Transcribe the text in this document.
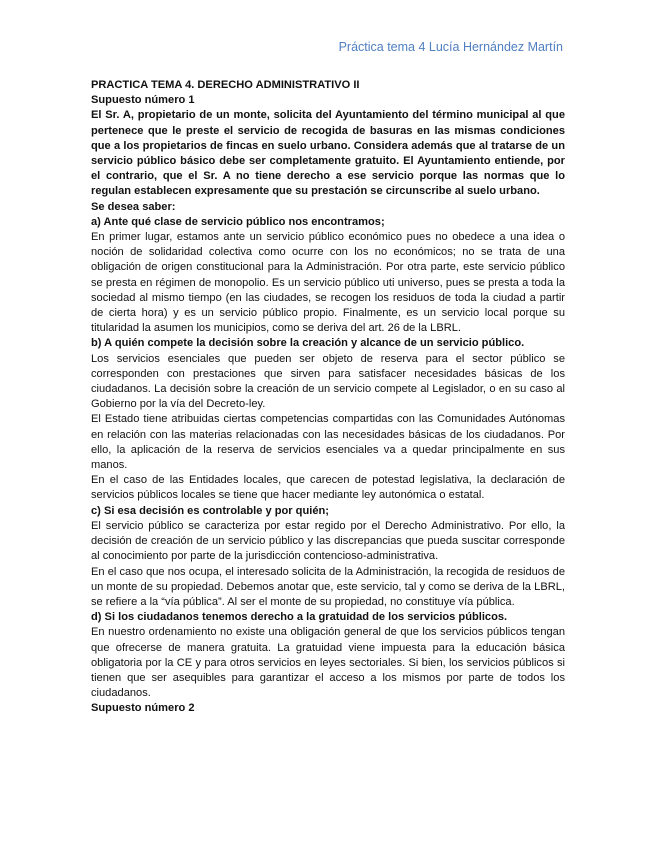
Práctica tema 4 Lucía Hernández Martín

PRACTICA TEMA 4. DERECHO ADMINISTRATIVO II

Supuesto número 1

El Sr. A, propietario de un monte, solicita del Ayuntamiento del término municipal al que pertenece que le preste el servicio de recogida de basuras en las mismas condiciones que a los propietarios de fincas en suelo urbano. Considera además que al tratarse de un servicio público básico debe ser completamente gratuito. El Ayuntamiento entiende, por el contrario, que el Sr. A no tiene derecho a ese servicio porque las normas que lo regulan establecen expresamente que su prestación se circunscribe al suelo urbano.

Se desea saber:

a) Ante qué clase de servicio público nos encontramos;

En primer lugar, estamos ante un servicio público económico pues no obedece a una idea o noción de solidaridad colectiva como ocurre con los no económicos; no se trata de una obligación de origen constitucional para la Administración. Por otra parte, este servicio público se presta en régimen de monopolio. Es un servicio público uti universo, pues se presta a toda la sociedad al mismo tiempo (en las ciudades, se recogen los residuos de toda la ciudad a partir de cierta hora) y es un servicio público propio. Finalmente, es un servicio local porque su titularidad la asumen los municipios, como se deriva del art. 26 de la LBRL.

b) A quién compete la decisión sobre la creación y alcance de un servicio público.

Los servicios esenciales que pueden ser objeto de reserva para el sector público se corresponden con prestaciones que sirven para satisfacer necesidades básicas de los ciudadanos. La decisión sobre la creación de un servicio compete al Legislador, o en su caso al Gobierno por la vía del Decreto-ley.

El Estado tiene atribuidas ciertas competencias compartidas con las Comunidades Autónomas en relación con las materias relacionadas con las necesidades básicas de los ciudadanos. Por ello, la aplicación de la reserva de servicios esenciales va a quedar principalmente en sus manos.

En el caso de las Entidades locales, que carecen de potestad legislativa, la declaración de servicios públicos locales se tiene que hacer mediante ley autonómica o estatal.

c) Si esa decisión es controlable y por quién;

El servicio público se caracteriza por estar regido por el Derecho Administrativo. Por ello, la decisión de creación de un servicio público y las discrepancias que pueda suscitar corresponde al conocimiento por parte de la jurisdicción contencioso-administrativa.

En el caso que nos ocupa, el interesado solicita de la Administración, la recogida de residuos de un monte de su propiedad. Debemos anotar que, este servicio, tal y como se deriva de la LBRL, se refiere a la “vía pública”. Al ser el monte de su propiedad, no constituye vía pública.

d) Si los ciudadanos tenemos derecho a la gratuidad de los servicios públicos.

En nuestro ordenamiento no existe una obligación general de que los servicios públicos tengan que ofrecerse de manera gratuita. La gratuidad viene impuesta para la educación básica obligatoria por la CE y para otros servicios en leyes sectoriales. Si bien, los servicios públicos si tienen que ser asequibles para garantizar el acceso a los mismos por parte de todos los ciudadanos.

Supuesto número 2
